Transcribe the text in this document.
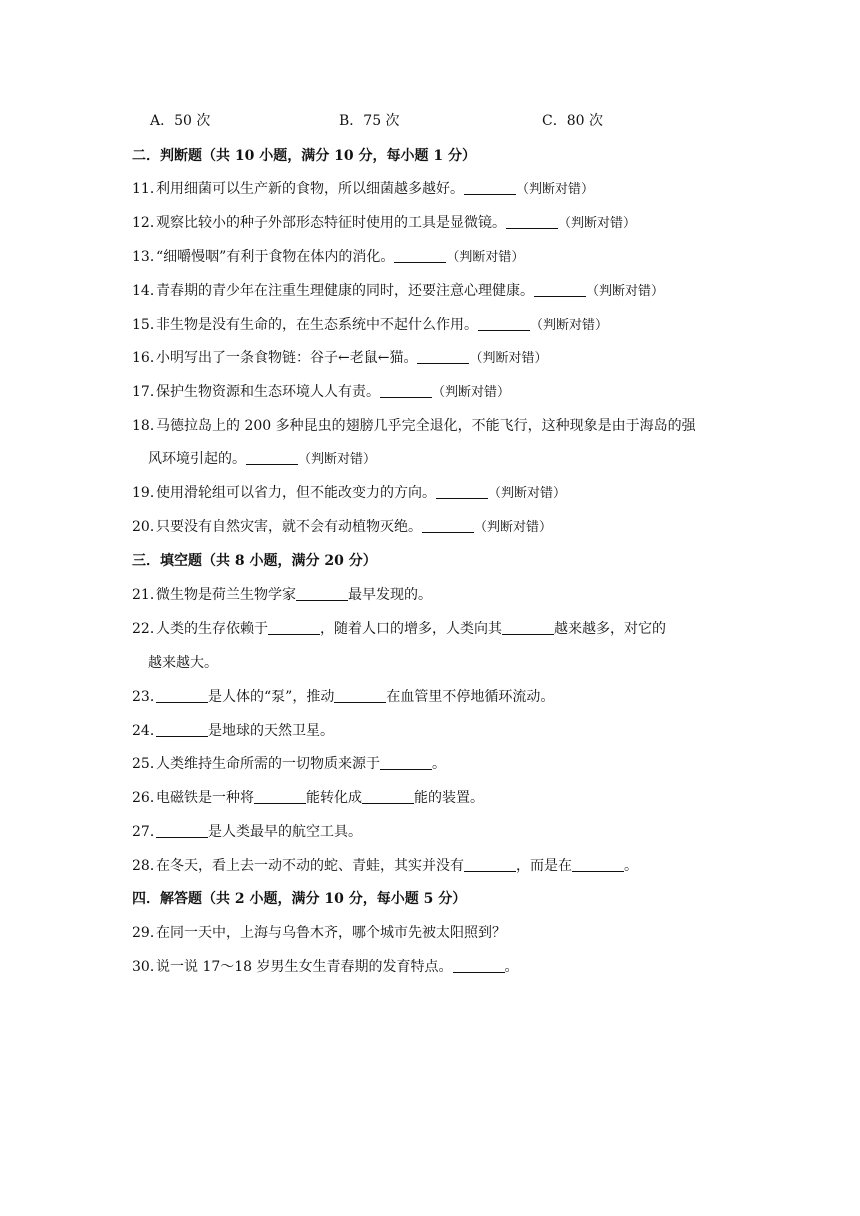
A．50 次	B．75 次	C．80 次
二．判断题（共 10 小题，满分 10 分，每小题 1 分）
11．利用细菌可以生产新的食物，所以细菌越多越好。	（判断对错）
12．观察比较小的种子外部形态特征时使用的工具是显微镜。	（判断对错）
13．“细嚼慢咽”有利于食物在体内的消化。	（判断对错）
14．青春期的青少年在注重生理健康的同时，还要注意心理健康。	（判断对错）
15．非生物是没有生命的，在生态系统中不起什么作用。	（判断对错）
16．小明写出了一条食物链：谷子←老鼠←猫。	（判断对错）
17．保护生物资源和生态环境人人有责。	（判断对错）
18．马德拉岛上的 200 多种昆虫的翅膀几乎完全退化，不能飞行，这种现象是由于海岛的强
风环境引起的。	（判断对错）
19．使用滑轮组可以省力，但不能改变力的方向。	（判断对错）
20．只要没有自然灾害，就不会有动植物灭绝。	（判断对错）
三．填空题（共 8 小题，满分 20 分）
21．微生物是荷兰生物学家	最早发现的。
22．人类的生存依赖于	，随着人口的增多，人类向其	越来越多，对它的
越来越大。
23．	是人体的“泵”，推动	在血管里不停地循环流动。
24．	是地球的天然卫星。
25．人类维持生命所需的一切物质来源于	。
26．电磁铁是一种将	能转化成	能的装置。
27．	是人类最早的航空工具。
28．在冬天，看上去一动不动的蛇、青蛙，其实并没有	，而是在	。
四．解答题（共 2 小题，满分 10 分，每小题 5 分）
29．在同一天中，上海与乌鲁木齐，哪个城市先被太阳照到？
30．说一说 17～18 岁男生女生青春期的发育特点。	。
